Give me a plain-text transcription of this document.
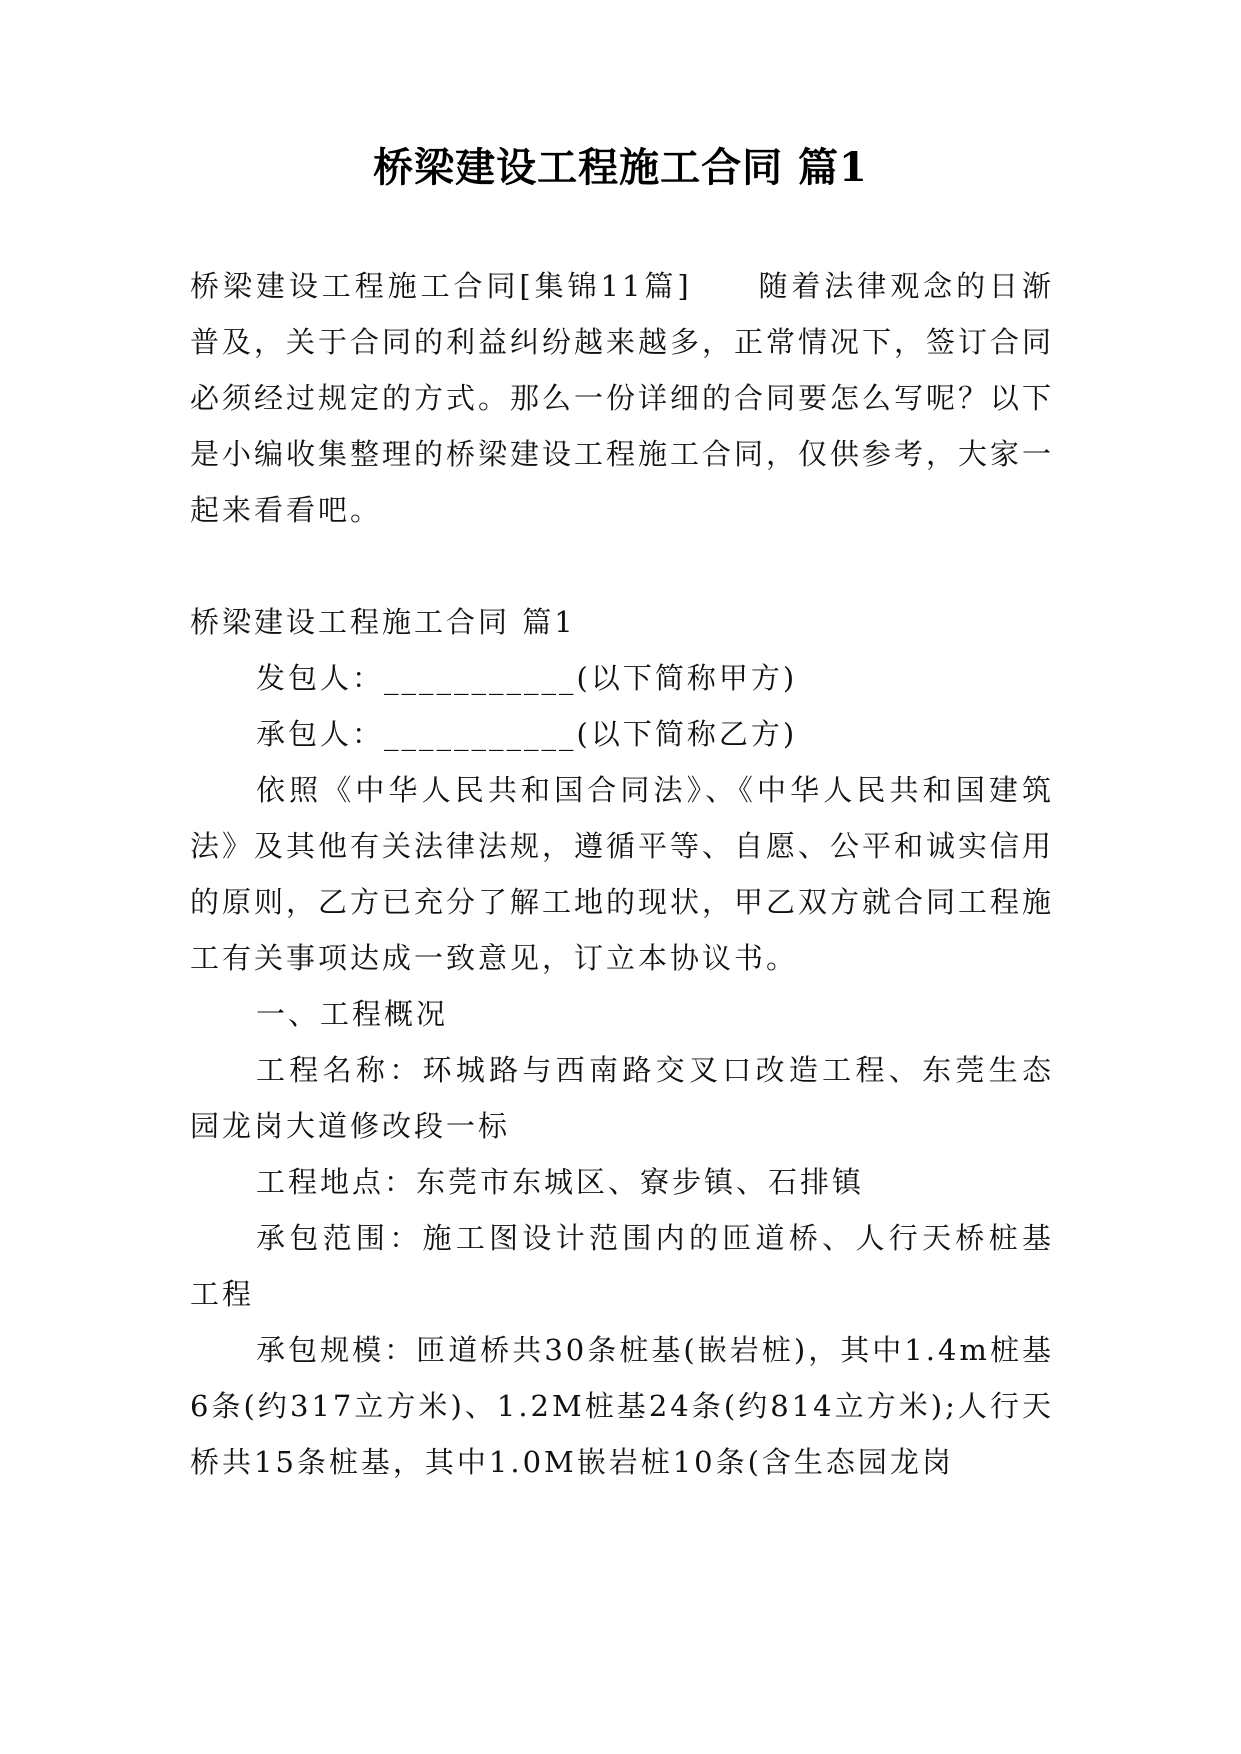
桥梁建设工程施工合同 篇1

桥梁建设工程施工合同[集锦11篇]　　随着法律观念的日渐普及，关于合同的利益纠纷越来越多，正常情况下，签订合同必须经过规定的方式。那么一份详细的合同要怎么写呢？以下是小编收集整理的桥梁建设工程施工合同，仅供参考，大家一起来看看吧。

桥梁建设工程施工合同 篇1

发包人：___________(以下简称甲方)

承包人：___________(以下简称乙方)

依照《中华人民共和国合同法》、《中华人民共和国建筑法》及其他有关法律法规，遵循平等、自愿、公平和诚实信用的原则，乙方已充分了解工地的现状，甲乙双方就合同工程施工有关事项达成一致意见，订立本协议书。

一、工程概况

工程名称：环城路与西南路交叉口改造工程、东莞生态园龙岗大道修改段一标

工程地点：东莞市东城区、寮步镇、石排镇

承包范围：施工图设计范围内的匝道桥、人行天桥桩基工程

承包规模：匝道桥共30条桩基(嵌岩桩)，其中1.4m桩基6条(约317立方米)、1.2M桩基24条(约814立方米);人行天桥共15条桩基，其中1.0M嵌岩桩10条(含生态园龙岗
